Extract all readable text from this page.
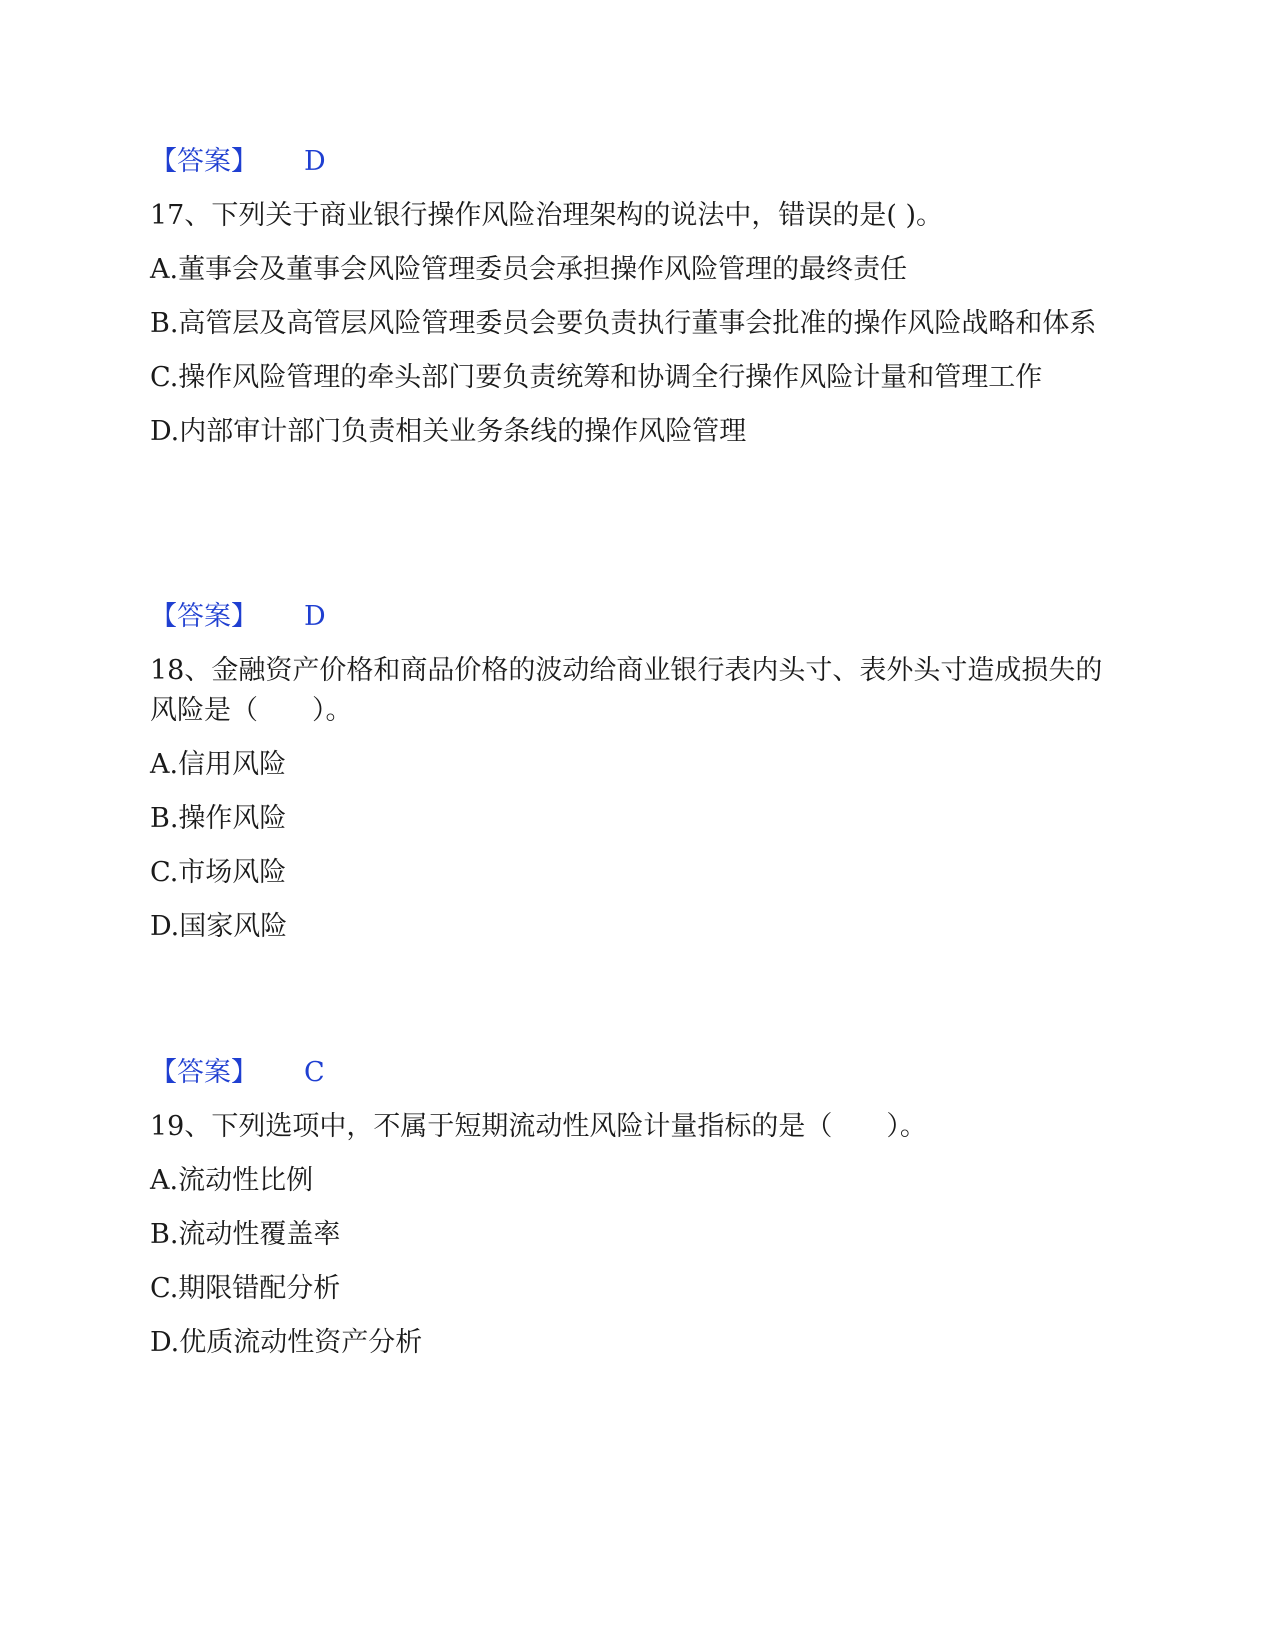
【答案】 D
17、下列关于商业银行操作风险治理架构的说法中，错误的是( )。
A.董事会及董事会风险管理委员会承担操作风险管理的最终责任
B.高管层及高管层风险管理委员会要负责执行董事会批准的操作风险战略和体系
C.操作风险管理的牵头部门要负责统筹和协调全行操作风险计量和管理工作
D.内部审计部门负责相关业务条线的操作风险管理
【答案】 D
18、金融资产价格和商品价格的波动给商业银行表内头寸、表外头寸造成损失的风险是（　　）。
A.信用风险
B.操作风险
C.市场风险
D.国家风险
【答案】 C
19、下列选项中，不属于短期流动性风险计量指标的是（　　）。
A.流动性比例
B.流动性覆盖率
C.期限错配分析
D.优质流动性资产分析
